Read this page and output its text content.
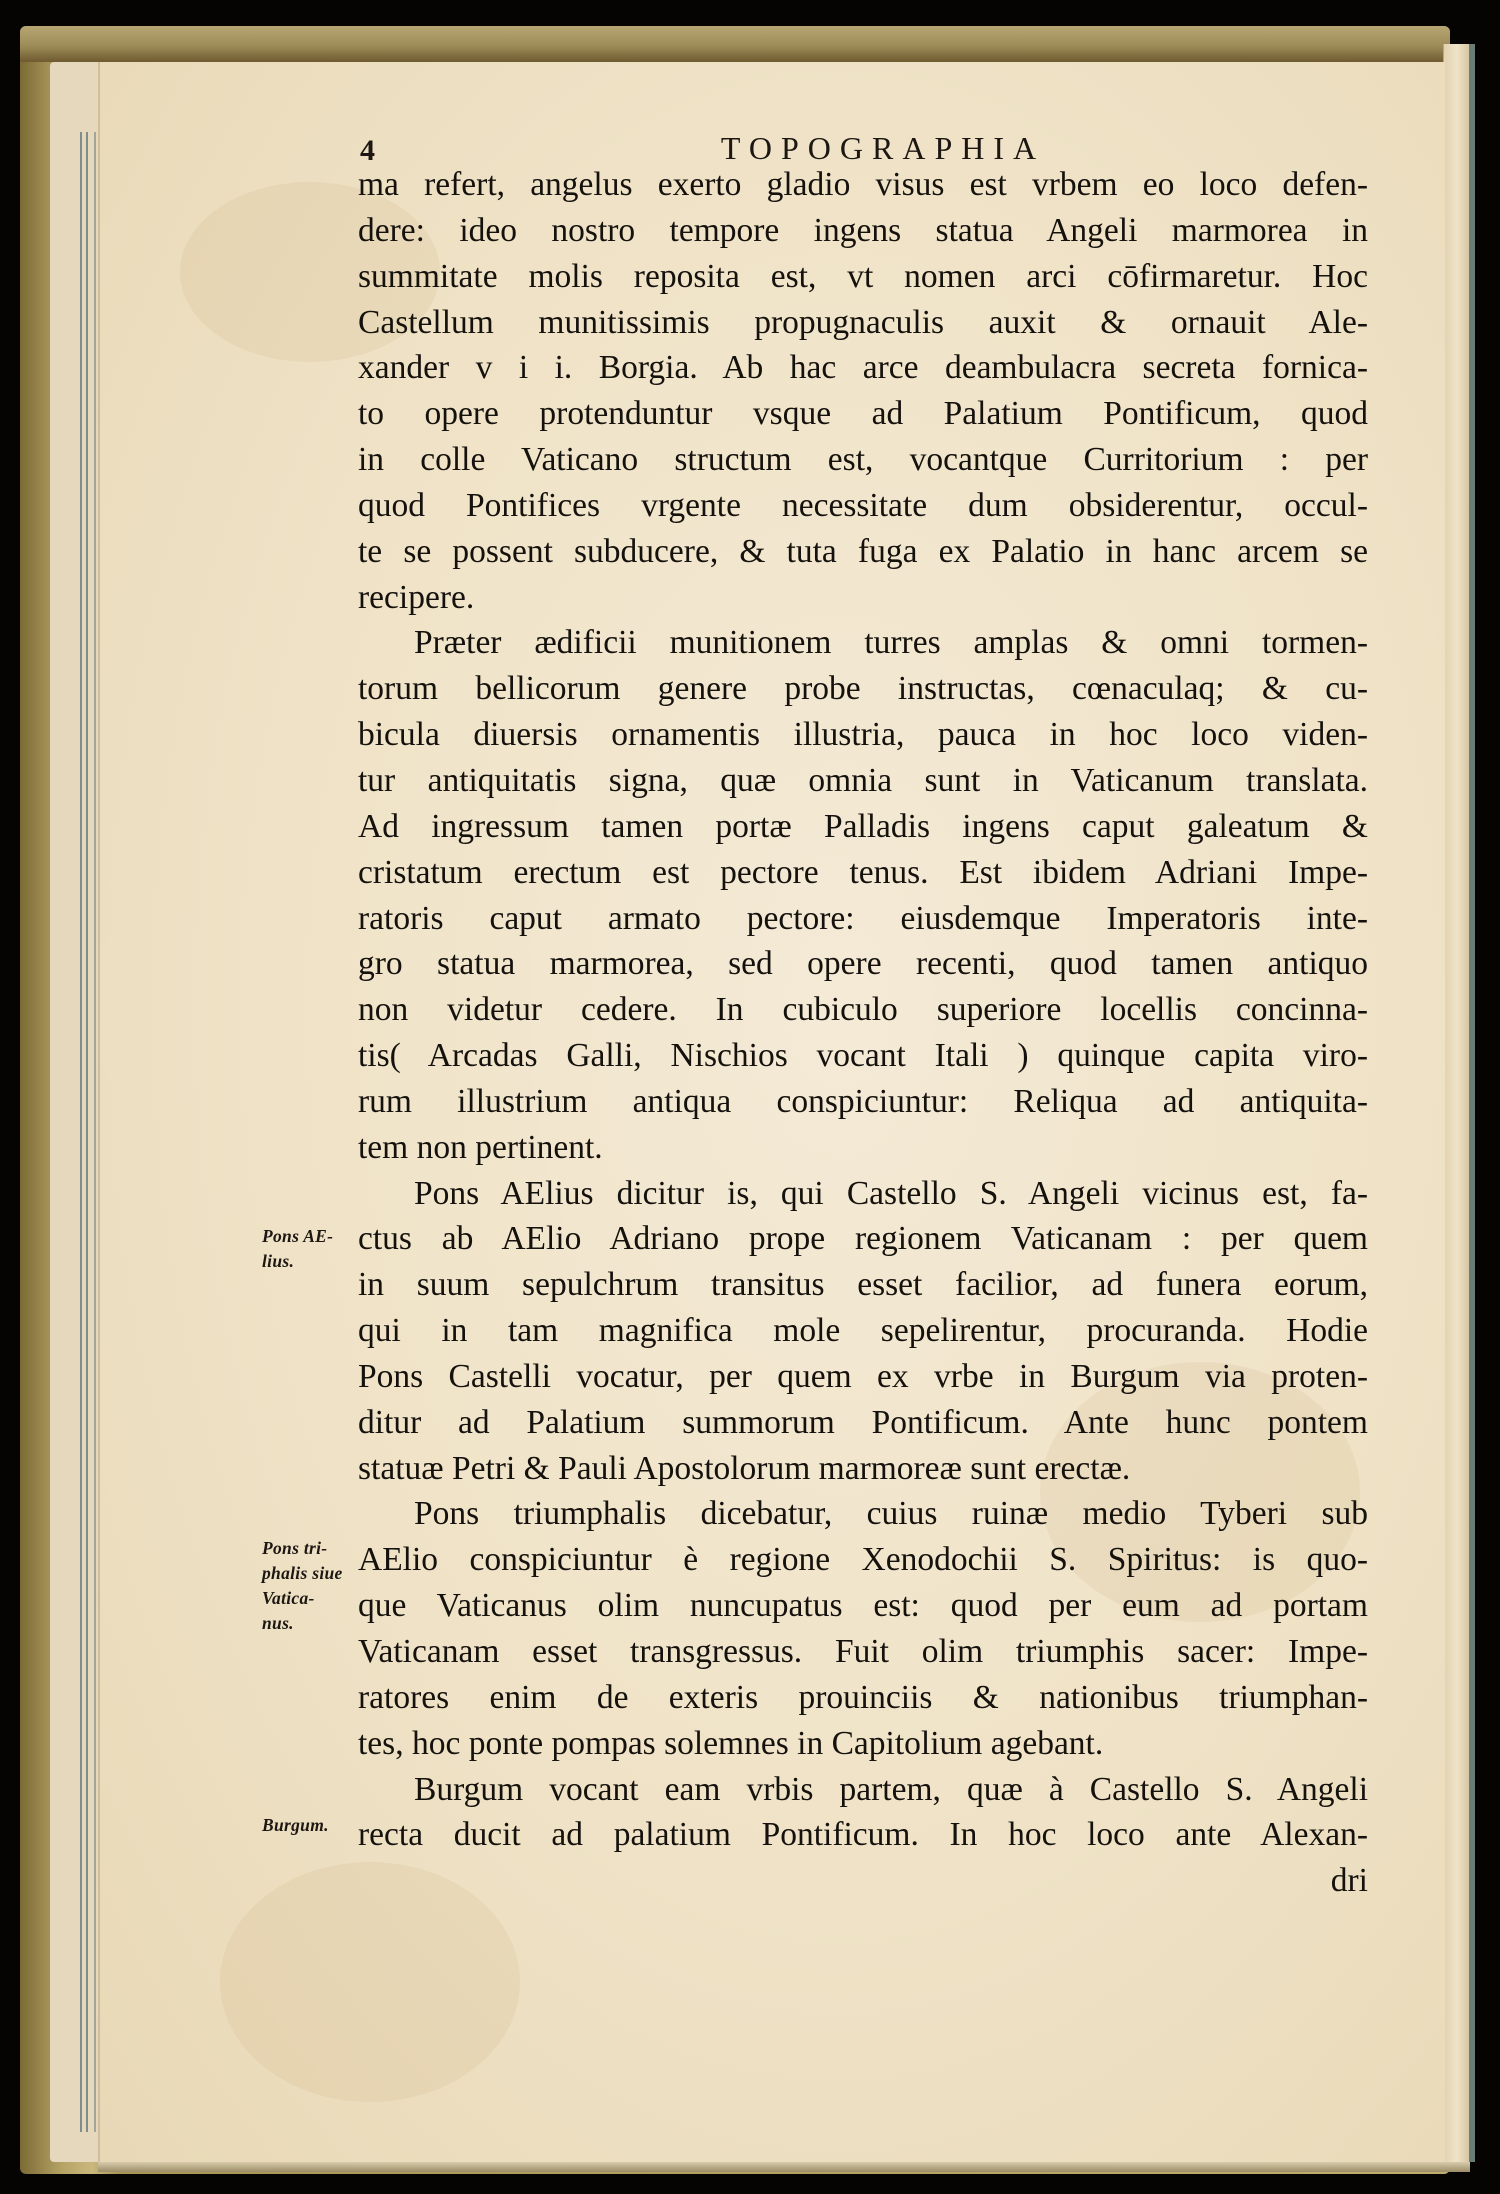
4	TOPOGRAPHIA
ma refert, angelus exerto gladio visus est vrbem eo loco defen-
dere: ideo nostro tempore ingens statua Angeli marmorea in
summitate molis reposita est, vt nomen arci cōfirmaretur. Hoc
Castellum munitissimis propugnaculis auxit & ornauit Ale-
xander v i i. Borgia. Ab hac arce deambulacra secreta fornica-
to opere protenduntur vsque ad Palatium Pontificum, quod
in colle Vaticano structum est, vocantque Curritorium : per
quod Pontifices vrgente necessitate dum obsiderentur, occul-
te se possent subducere, & tuta fuga ex Palatio in hanc arcem se
recipere.
Præter ædificii munitionem turres amplas & omni tormen-
torum bellicorum genere probe instructas, cœnaculaq; & cu-
bicula diuersis ornamentis illustria, pauca in hoc loco viden-
tur antiquitatis signa, quæ omnia sunt in Vaticanum translata.
Ad ingressum tamen portæ Palladis ingens caput galeatum &
cristatum erectum est pectore tenus. Est ibidem Adriani Impe-
ratoris caput armato pectore: eiusdemque Imperatoris inte-
gro statua marmorea, sed opere recenti, quod tamen antiquo
non videtur cedere. In cubiculo superiore locellis concinna-
tis( Arcadas Galli, Nischios vocant Itali ) quinque capita viro-
rum illustrium antiqua conspiciuntur: Reliqua ad antiquita-
tem non pertinent.
Pons AElius dicitur is, qui Castello S. Angeli vicinus est, fa-
ctus ab AElio Adriano prope regionem Vaticanam : per quem
in suum sepulchrum transitus esset facilior, ad funera eorum,
qui in tam magnifica mole sepelirentur, procuranda. Hodie
Pons Castelli vocatur, per quem ex vrbe in Burgum via proten-
ditur ad Palatium summorum Pontificum. Ante hunc pontem
statuæ Petri & Pauli Apostolorum marmoreæ sunt erectæ.
Pons triumphalis dicebatur, cuius ruinæ medio Tyberi sub
AElio conspiciuntur è regione Xenodochii S. Spiritus: is quo-
que Vaticanus olim nuncupatus est: quod per eum ad portam
Vaticanam esset transgressus. Fuit olim triumphis sacer: Impe-
ratores enim de exteris prouinciis & nationibus triumphan-
tes, hoc ponte pompas solemnes in Capitolium agebant.
Burgum vocant eam vrbis partem, quæ à Castello S. Angeli
recta ducit ad palatium Pontificum. In hoc loco ante Alexan-
dri
Pons AE-
lius.
Pons tri-
phalis siue
Vatica-
nus.
Burgum.
